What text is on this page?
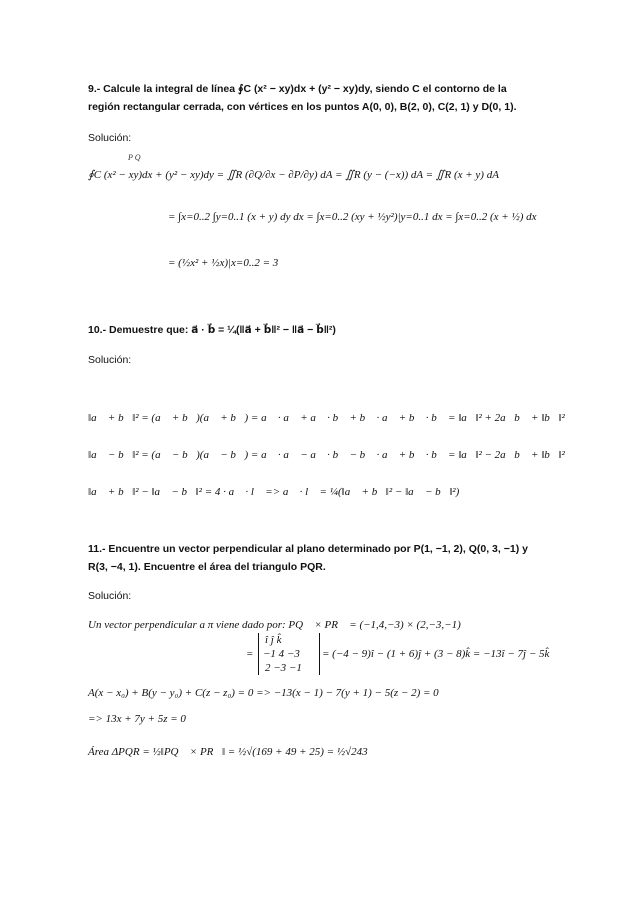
9.- Calcule la integral de línea ∮C (x² − xy)dx + (y² − xy)dy, siendo C el contorno de la
región rectangular cerrada, con vértices en los puntos A(0, 0), B(2, 0), C(2, 1) y D(0, 1).
Solución:
P Q
∮C (x² − xy)dx + (y² − xy)dy = ∬R (∂Q/∂x − ∂P/∂y) dA = ∬R (y − (−x)) dA = ∬R (x + y) dA
= ∫x=0..2 ∫y=0..1 (x + y) dy dx = ∫x=0..2 (xy + ½y²)|y=0..1 dx = ∫x=0..2 (x + ½) dx
= (½x² + ½x)|x=0..2 = 3
10.- Demuestre que: a⃗ · b⃗ = ¼(‖a⃗ + b⃗‖² − ‖a⃗ − b⃗‖²)
Solución:
‖a⃗ + b⃗‖² = (a⃗ + b⃗)(a⃗ + b⃗) = a⃗ · a⃗ + a⃗ · b⃗ + b⃗ · a⃗ + b⃗ · b⃗ = ‖a⃗‖² + 2a⃗b⃗ + ‖b⃗‖²
‖a⃗ − b⃗‖² = (a⃗ − b⃗)(a⃗ − b⃗) = a⃗ · a⃗ − a⃗ · b⃗ − b⃗ · a⃗ + b⃗ · b⃗ = ‖a⃗‖² − 2a⃗b⃗ + ‖b⃗‖²
‖a⃗ + b⃗‖² − ‖a⃗ − b⃗‖² = 4 · a⃗ · l⃗ => a⃗ · l⃗ = ¼(‖a⃗ + b⃗‖² − ‖a⃗ − b⃗‖²)
11.- Encuentre un vector perpendicular al plano determinado por P(1, −1, 2), Q(0, 3, −1) y
R(3, −4, 1). Encuentre el área del triangulo PQR.
Solución:
Un vector perpendicular a π viene dado por: PQ⃗ × PR⃗ = (−1,4,−3) × (2,−3,−1)
î ĵ k̂
−1 4 −3
2 −3 −1
=	= (−4 − 9)î − (1 + 6)ĵ + (3 − 8)k̂ = −13î − 7ĵ − 5k̂
A(x − x₀) + B(y − y₀) + C(z − z₀) = 0 => −13(x − 1) − 7(y + 1) − 5(z − 2) = 0
=> 13x + 7y + 5z = 0
Área ΔPQR = ½‖PQ⃗ × PR⃗‖ = ½√(169 + 49 + 25) = ½√243
